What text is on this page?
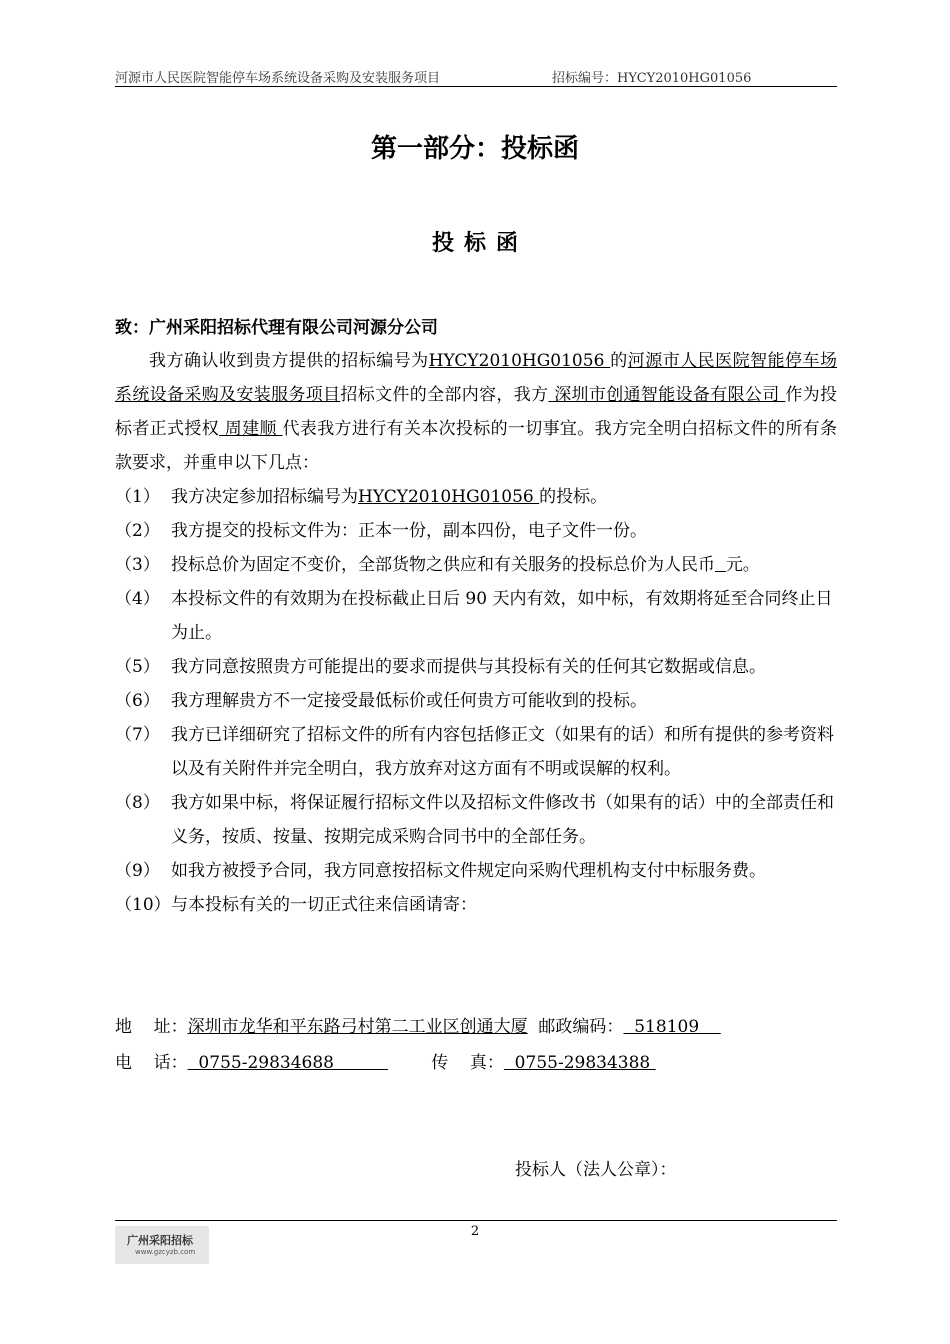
河源市人民医院智能停车场系统设备采购及安装服务项目	招标编号：HYCY2010HG01056
第一部分：投标函
投标函
致：广州采阳招标代理有限公司河源分公司
我方确认收到贵方提供的招标编号为HYCY2010HG01056 的河源市人民医院智能停车场系统设备采购及安装服务项目招标文件的全部内容，我方 深圳市创通智能设备有限公司 作为投标者正式授权 周建顺 代表我方进行有关本次投标的一切事宜。我方完全明白招标文件的所有条款要求，并重申以下几点：
（1） 我方决定参加招标编号为HYCY2010HG01056 的投标。
（2） 我方提交的投标文件为：正本一份，副本四份，电子文件一份。
（3） 投标总价为固定不变价，全部货物之供应和有关服务的投标总价为人民币 元。
（4） 本投标文件的有效期为在投标截止日后 90 天内有效，如中标，有效期将延至合同终止日为止。
（5） 我方同意按照贵方可能提出的要求而提供与其投标有关的任何其它数据或信息。
（6） 我方理解贵方不一定接受最低标价或任何贵方可能收到的投标。
（7） 我方已详细研究了招标文件的所有内容包括修正文（如果有的话）和所有提供的参考资料以及有关附件并完全明白，我方放弃对这方面有不明或误解的权利。
（8） 我方如果中标，将保证履行招标文件以及招标文件修改书（如果有的话）中的全部责任和义务，按质、按量、按期完成采购合同书中的全部任务。
（9） 如我方被授予合同，我方同意按招标文件规定向采购代理机构支付中标服务费。
（10） 与本投标有关的一切正式往来信函请寄：
地    址：深圳市龙华和平东路弓村第二工业区创通大厦  邮政编码：  518109
电    话：  0755-29834688                  传    真：  0755-29834388
投标人（法人公章）：
2
广州采阳招标
www.gzcyzb.com
